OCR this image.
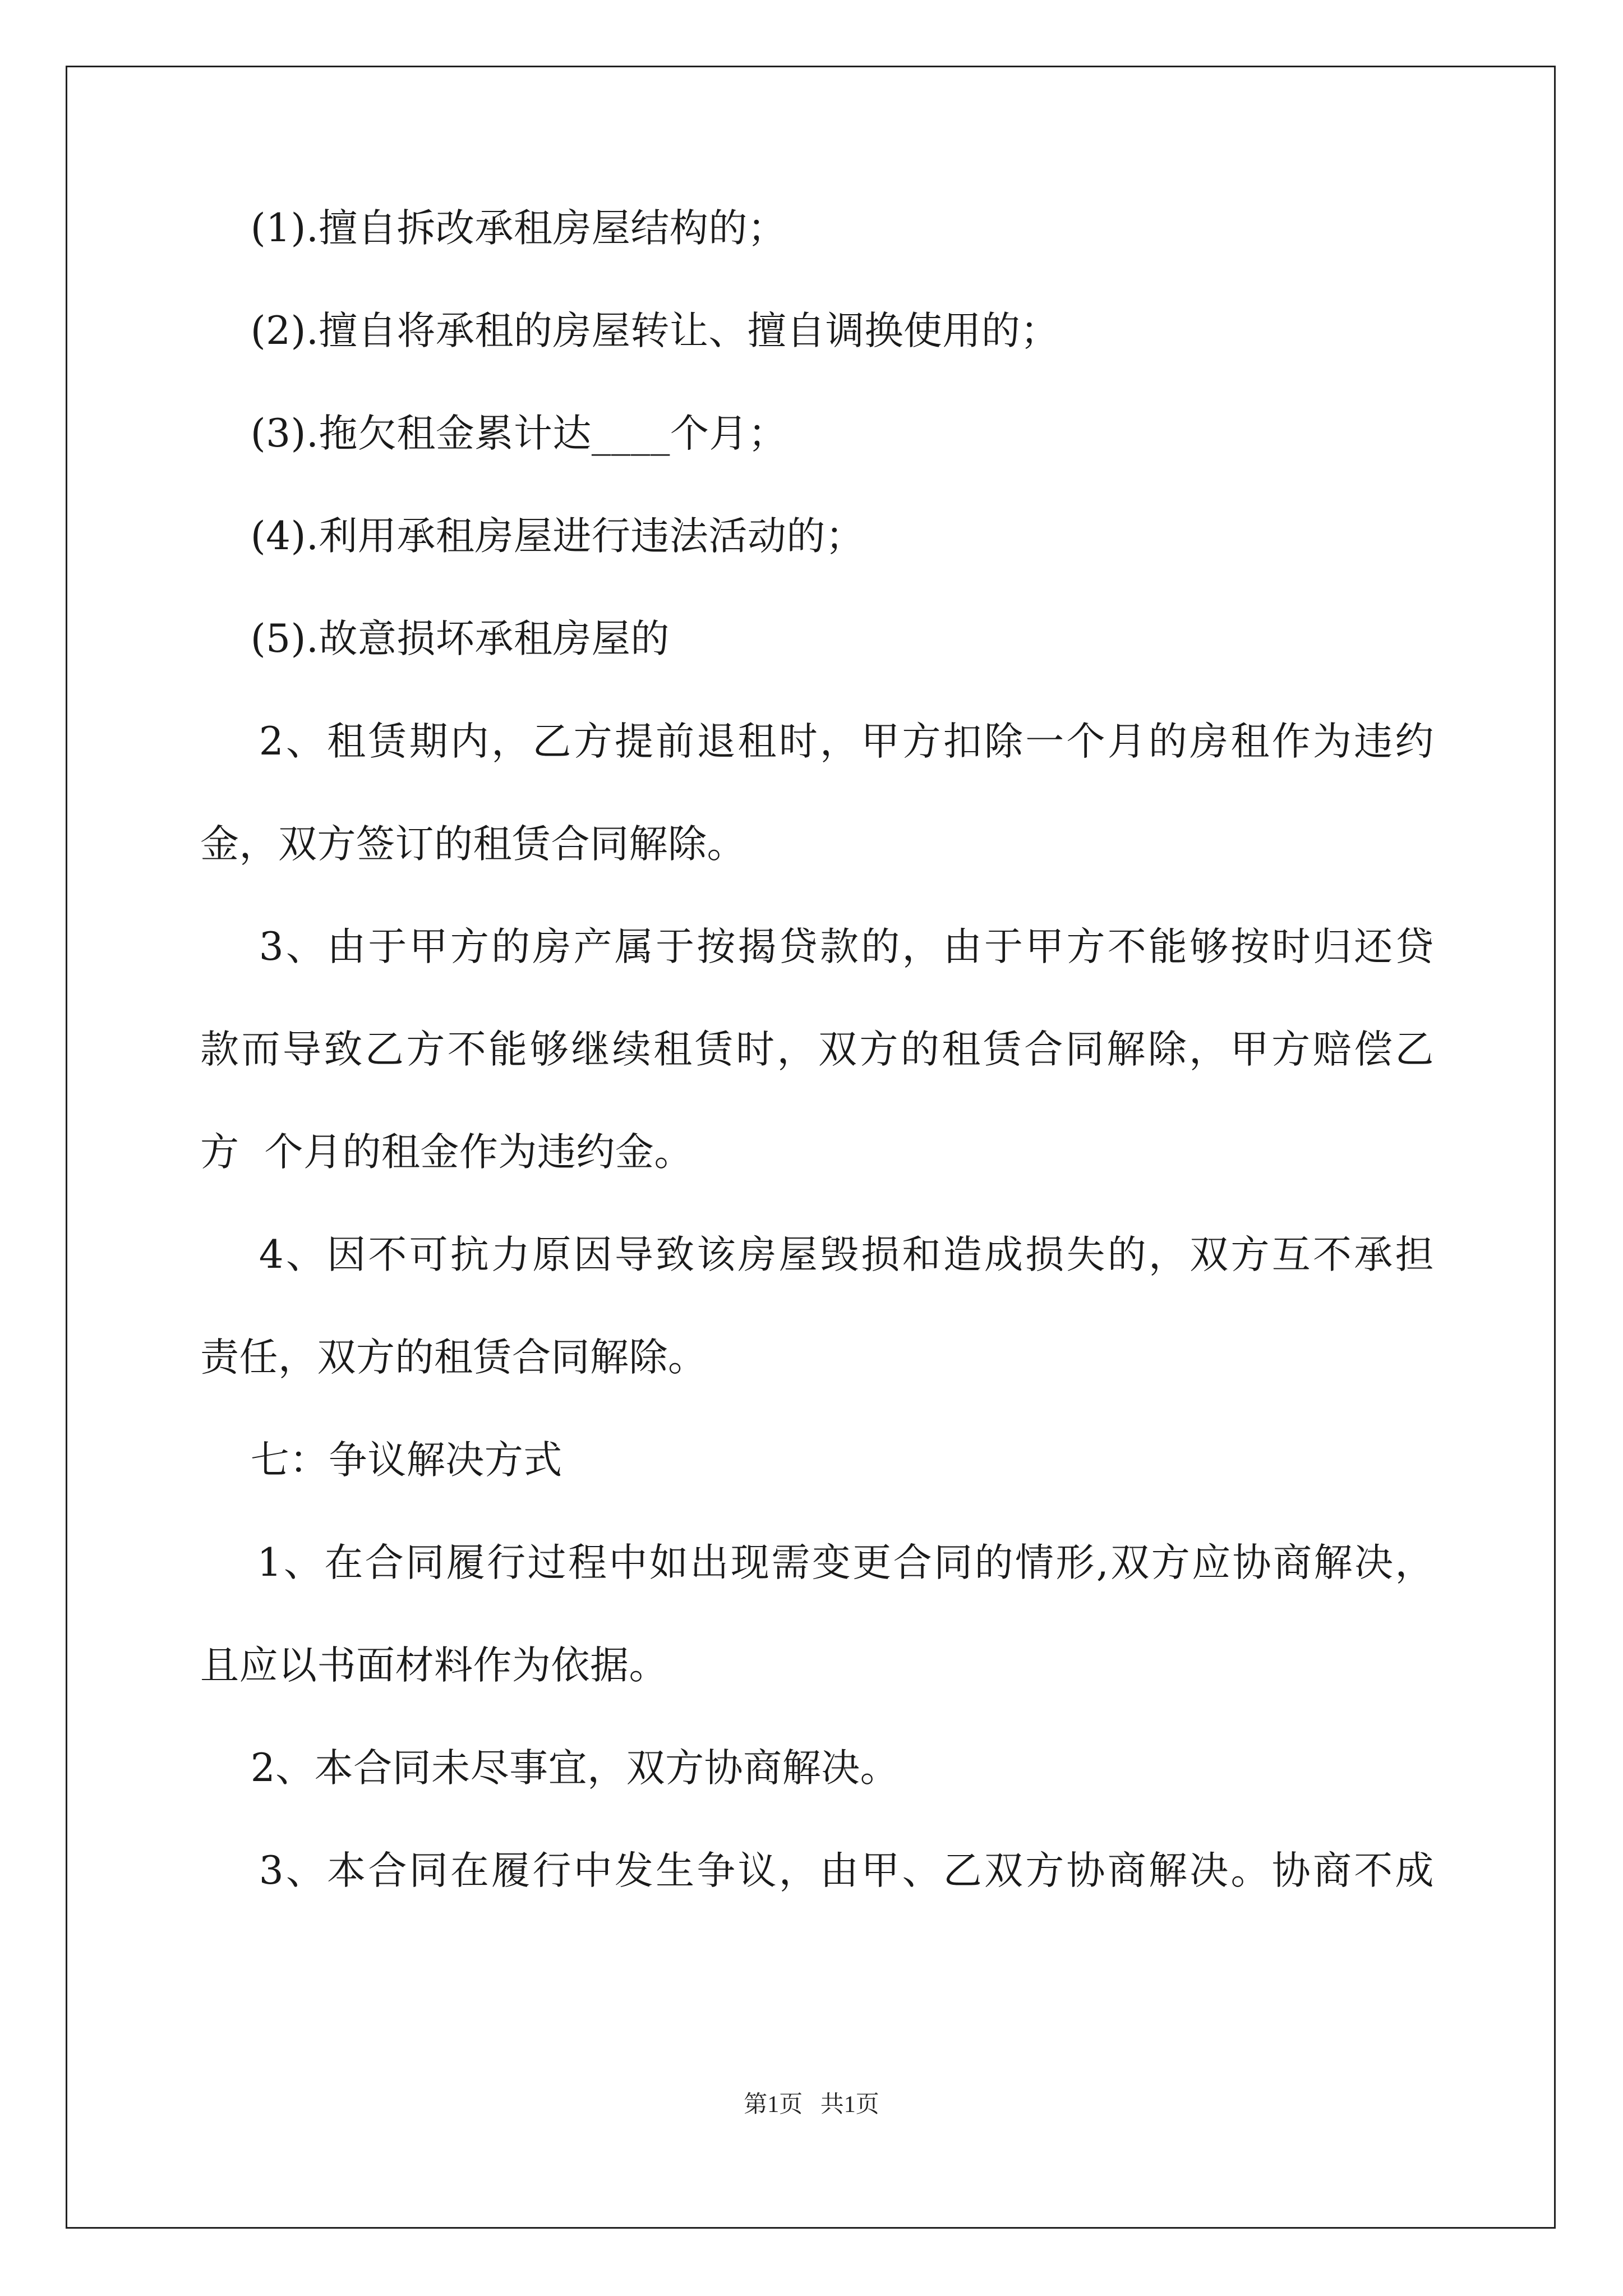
(1).擅自拆改承租房屋结构的；
(2).擅自将承租的房屋转让、擅自调换使用的；
(3).拖欠租金累计达____个月；
(4).利用承租房屋进行违法活动的；
(5).故意损坏承租房屋的
2、租赁期内，乙方提前退租时，甲方扣除一个月的房租作为违约
金，双方签订的租赁合同解除。
3、由于甲方的房产属于按揭贷款的，由于甲方不能够按时归还贷
款而导致乙方不能够继续租赁时，双方的租赁合同解除，甲方赔偿乙
方  个月的租金作为违约金。
4、因不可抗力原因导致该房屋毁损和造成损失的，双方互不承担
责任，双方的租赁合同解除。
七：争议解决方式
1、在合同履行过程中如出现需变更合同的情形,双方应协商解决，
且应以书面材料作为依据。
2、本合同未尽事宜，双方协商解决。
3、本合同在履行中发生争议，由甲、乙双方协商解决。协商不成
第1页   共1页
